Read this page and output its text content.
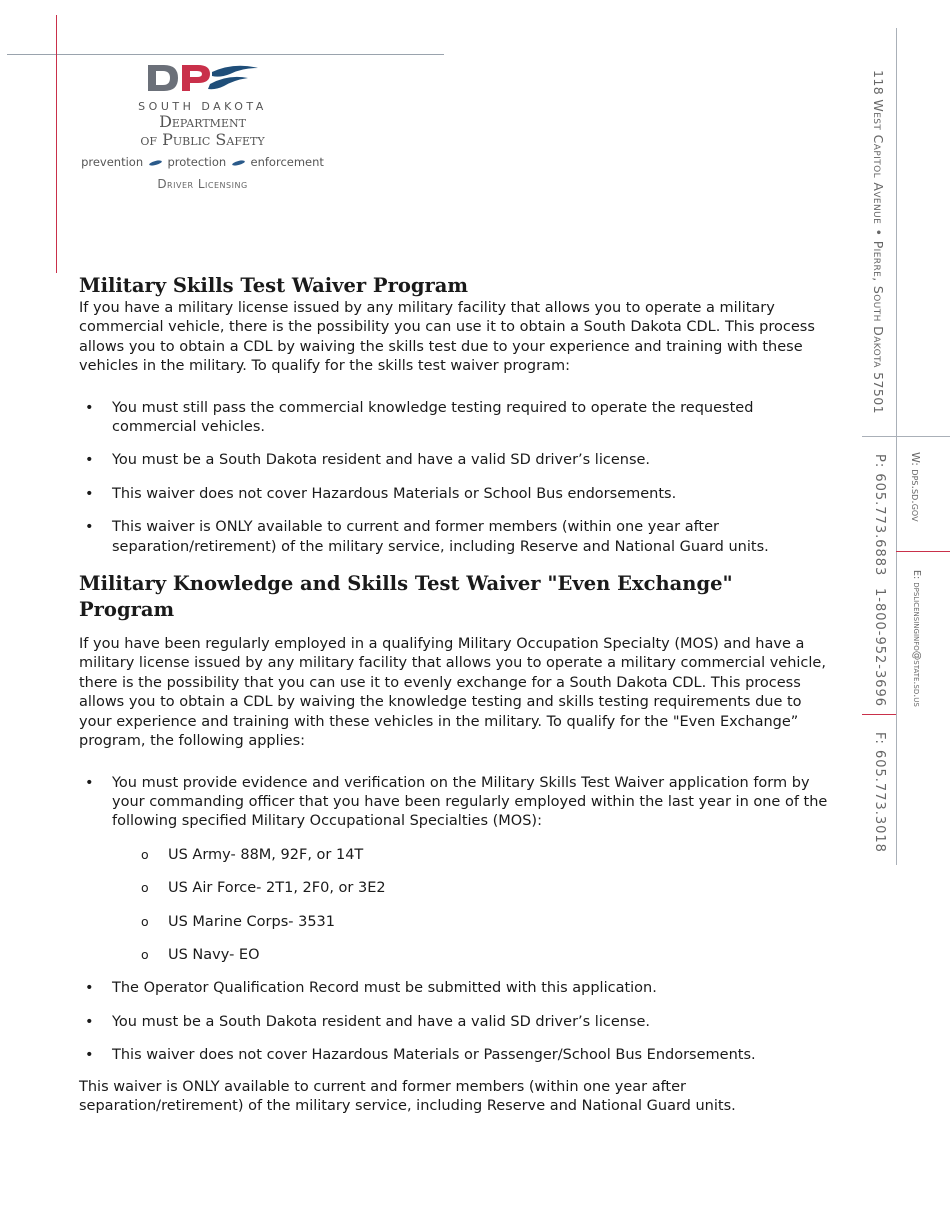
SOUTH DAKOTA
Department
of Public Safety
prevention protection enforcement
Driver Licensing
Military Skills Test Waiver Program

If you have a military license issued by any military facility that allows you to operate a military commercial vehicle, there is the possibility you can use it to obtain a South Dakota CDL. This process allows you to obtain a CDL by waiving the skills test due to your experience and training with these vehicles in the military. To qualify for the skills test waiver program:

• You must still pass the commercial knowledge testing required to operate the requested commercial vehicles.
• You must be a South Dakota resident and have a valid SD driver’s license.
• This waiver does not cover Hazardous Materials or School Bus endorsements.
• This waiver is ONLY available to current and former members (within one year after separation/retirement) of the military service, including Reserve and National Guard units.
Military Knowledge and Skills Test Waiver "Even Exchange" Program

If you have been regularly employed in a qualifying Military Occupation Specialty (MOS) and have a military license issued by any military facility that allows you to operate a military commercial vehicle, there is the possibility that you can use it to evenly exchange for a South Dakota CDL. This process allows you to obtain a CDL by waiving the knowledge testing and skills testing requirements due to your experience and training with these vehicles in the military. To qualify for the "Even Exchange” program, the following applies:

• You must provide evidence and verification on the Military Skills Test Waiver application form by your commanding officer that you have been regularly employed within the last year in one of the following specified Military Occupational Specialties (MOS):
o US Army- 88M, 92F, or 14T
o US Air Force- 2T1, 2F0, or 3E2
o US Marine Corps- 3531
o US Navy- EO
• The Operator Qualification Record must be submitted with this application.
• You must be a South Dakota resident and have a valid SD driver’s license.
• This waiver does not cover Hazardous Materials or Passenger/School Bus Endorsements.

This waiver is ONLY available to current and former members (within one year after separation/retirement) of the military service, including Reserve and National Guard units.

118 West Capitol Avenue • Pierre, South Dakota 57501
P: 605.773.6883
1-800-952-3696
F: 605.773.3018
W: dps.sd.gov
E: dpslicensinginfo@state.sd.us
